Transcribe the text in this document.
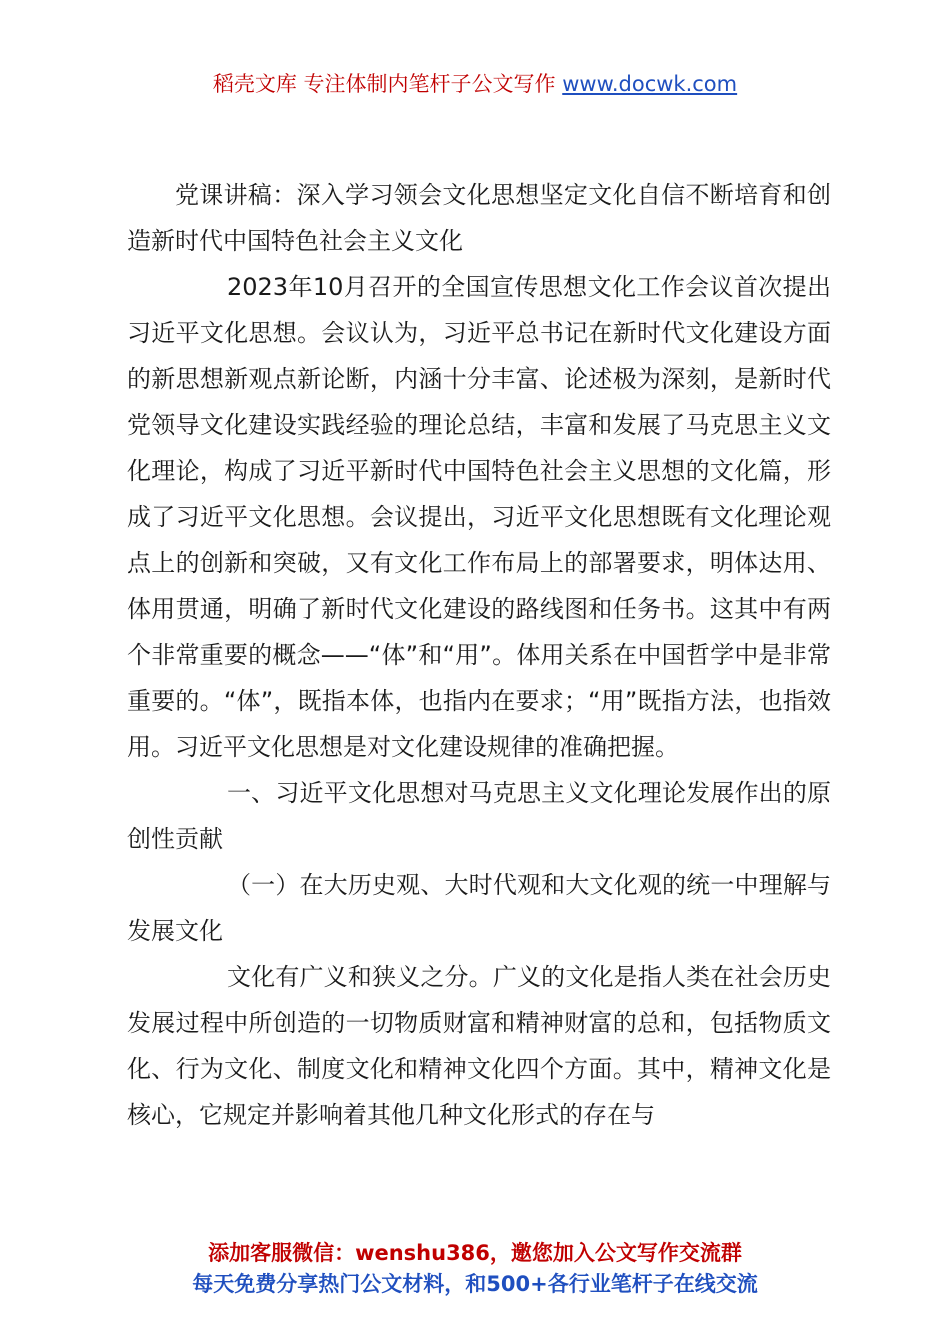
稻壳文库 专注体制内笔杆子公文写作 www.docwk.com

党课讲稿：深入学习领会文化思想坚定文化自信不断培育和创造新时代中国特色社会主义文化

2023年10月召开的全国宣传思想文化工作会议首次提出习近平文化思想。会议认为，习近平总书记在新时代文化建设方面的新思想新观点新论断，内涵十分丰富、论述极为深刻，是新时代党领导文化建设实践经验的理论总结，丰富和发展了马克思主义文化理论，构成了习近平新时代中国特色社会主义思想的文化篇，形成了习近平文化思想。会议提出，习近平文化思想既有文化理论观点上的创新和突破，又有文化工作布局上的部署要求，明体达用、体用贯通，明确了新时代文化建设的路线图和任务书。这其中有两个非常重要的概念——“体”和“用”。体用关系在中国哲学中是非常重要的。“体”，既指本体，也指内在要求；“用”既指方法，也指效用。习近平文化思想是对文化建设规律的准确把握。

一、习近平文化思想对马克思主义文化理论发展作出的原创性贡献

（一）在大历史观、大时代观和大文化观的统一中理解与发展文化

文化有广义和狭义之分。广义的文化是指人类在社会历史发展过程中所创造的一切物质财富和精神财富的总和，包括物质文化、行为文化、制度文化和精神文化四个方面。其中，精神文化是核心，它规定并影响着其他几种文化形式的存在与

添加客服微信：wenshu386，邀您加入公文写作交流群
每天免费分享热门公文材料，和500+各行业笔杆子在线交流
